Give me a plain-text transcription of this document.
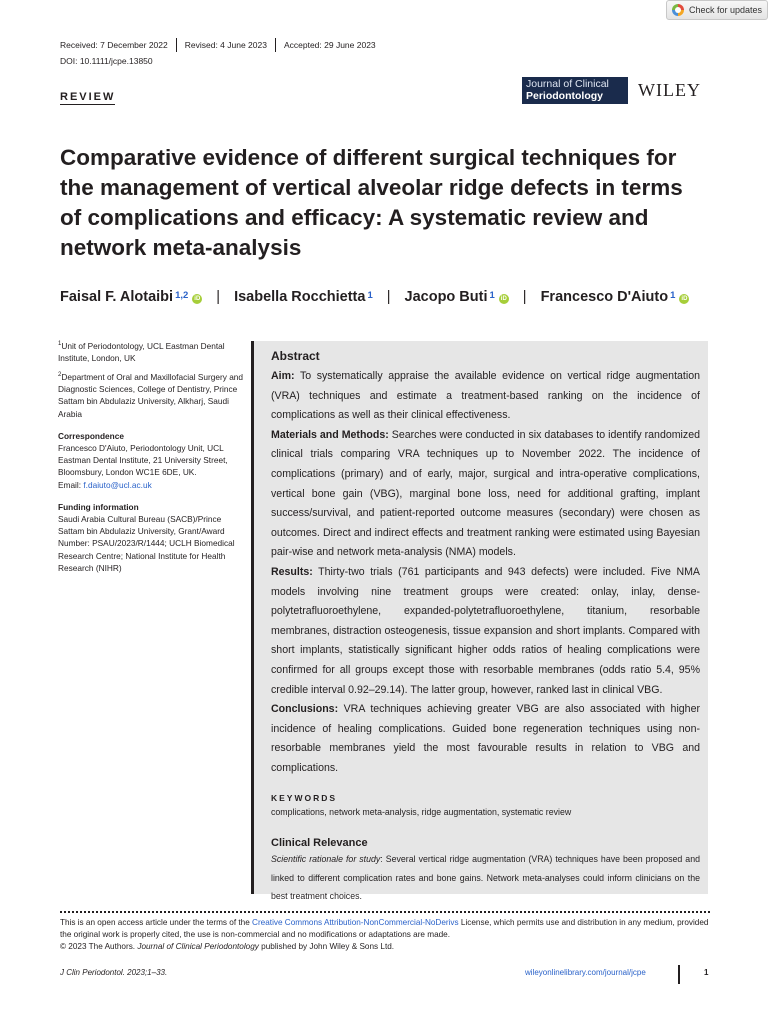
Check for updates
Received: 7 December 2022	Revised: 4 June 2023	Accepted: 29 June 2023
DOI: 10.1111/jcpe.13850
REVIEW
Journal of Clinical
Periodontology	WILEY
Comparative evidence of different surgical techniques for the management of vertical alveolar ridge defects in terms of complications and efficacy: A systematic review and network meta-analysis
Faisal F. Alotaibi$^{1,2}$	iD | Isabella Rocchietta$^1$ | Jacopo Buti$^1$	iD | Francesco D'Aiuto$^1$	iD

$^1$Unit of Periodontology, UCL Eastman Dental Institute, London, UK

$^2$Department of Oral and Maxillofacial Surgery and Diagnostic Sciences, College of Dentistry, Prince Sattam bin Abdulaziz University, Alkharj, Saudi Arabia

Correspondence

Francesco D'Aiuto, Periodontology Unit, UCL Eastman Dental Institute, 21 University Street, Bloomsbury, London WC1E 6DE, UK.

Email: f.daiuto@ucl.ac.uk

Funding information

Saudi Arabia Cultural Bureau (SACB)/Prince Sattam bin Abdulaziz University, Grant/Award Number: PSAU/2023/R/1444; UCLH Biomedical Research Centre; National Institute for Health Research (NIHR)

Abstract

Aim: To systematically appraise the available evidence on vertical ridge augmentation (VRA) techniques and estimate a treatment-based ranking on the incidence of complications as well as their clinical effectiveness.

Materials and Methods: Searches were conducted in six databases to identify randomized clinical trials comparing VRA techniques up to November 2022. The incidence of complications (primary) and of early, major, surgical and intra-operative complications, vertical bone gain (VBG), marginal bone loss, need for additional grafting, implant success/survival, and patient-reported outcome measures (secondary) were chosen as outcomes. Direct and indirect effects and treatment ranking were estimated using Bayesian pair-wise and network meta-analysis (NMA) models.

Results: Thirty-two trials (761 participants and 943 defects) were included. Five NMA models involving nine treatment groups were created: onlay, inlay, dense-polytetrafluoroethylene, expanded-polytetrafluoroethylene, titanium, resorbable membranes, distraction osteogenesis, tissue expansion and short implants. Compared with short implants, statistically significant higher odds ratios of healing complications were confirmed for all groups except those with resorbable membranes (odds ratio 5.4, 95% credible interval 0.92–29.14). The latter group, however, ranked last in clinical VBG.

Conclusions: VRA techniques achieving greater VBG are also associated with higher incidence of healing complications. Guided bone regeneration techniques using non-resorbable membranes yield the most favourable results in relation to VBG and complications.

KEYWORDS

complications, network meta-analysis, ridge augmentation, systematic review

Clinical Relevance

Scientific rationale for study: Several vertical ridge augmentation (VRA) techniques have been proposed and linked to different complication rates and bone gains. Network meta-analyses could inform clinicians on the best treatment choices.

This is an open access article under the terms of the Creative Commons Attribution-NonCommercial-NoDerivs License, which permits use and distribution in any medium, provided the original work is properly cited, the use is non-commercial and no modifications or adaptations are made.

© 2023 The Authors. Journal of Clinical Periodontology published by John Wiley & Sons Ltd.

J Clin Periodontol. 2023;1–33.	wileyonlinelibrary.com/journal/jcpe	1
